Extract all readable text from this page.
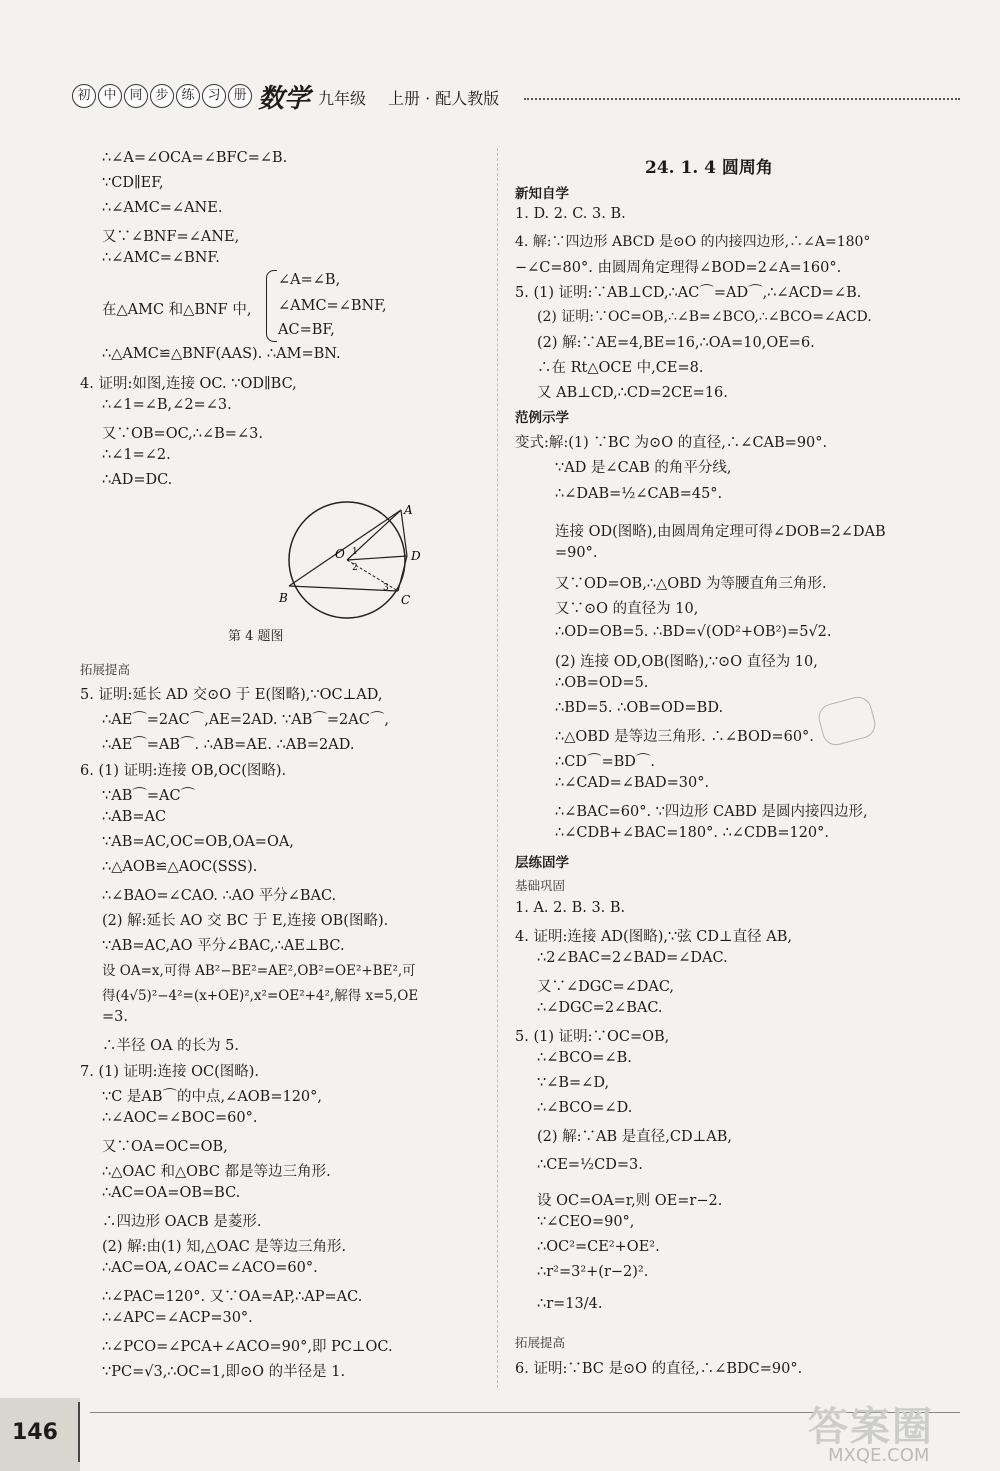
初 中 同 步 练 习 册 数学 九年级 上册 · 配人教版
∴∠A=∠OCA=∠BFC=∠B.
∵CD∥EF,
∴∠AMC=∠ANE.
又∵∠BNF=∠ANE,
∴∠AMC=∠BNF.
∠A=∠B,
在△AMC 和△BNF 中, ∠AMC=∠BNF,
AC=BF,
∴△AMC≌△BNF(AAS). ∴AM=BN.
4. 证明:如图,连接 OC. ∵OD∥BC,
∴∠1=∠B,∠2=∠3.
又∵OB=OC,∴∠B=∠3.
∴∠1=∠2.
∴AD=DC.
A
O 1
2
D
3
B	C
第 4 题图
拓展提高
5. 证明:延长 AD 交⊙O 于 E(图略),∵OC⊥AD,
∴AE⌒=2AC⌒,AE=2AD. ∵AB⌒=2AC⌒,
∴AE⌒=AB⌒. ∴AB=AE. ∴AB=2AD.
6. (1) 证明:连接 OB,OC(图略).
∵AB⌒=AC⌒
∴AB=AC
∵AB=AC,OC=OB,OA=OA,
∴△AOB≌△AOC(SSS).
∴∠BAO=∠CAO. ∴AO 平分∠BAC.
(2) 解:延长 AO 交 BC 于 E,连接 OB(图略).
∵AB=AC,AO 平分∠BAC,∴AE⊥BC.
设 OA=x,可得 AB²−BE²=AE²,OB²=OE²+BE²,可
得(4√5)²−4²=(x+OE)²,x²=OE²+4²,解得 x=5,OE
=3.
∴半径 OA 的长为 5.
7. (1) 证明:连接 OC(图略).
∵C 是AB⌒的中点,∠AOB=120°,
∴∠AOC=∠BOC=60°.
又∵OA=OC=OB,
∴△OAC 和△OBC 都是等边三角形.
∴AC=OA=OB=BC.
∴四边形 OACB 是菱形.
(2) 解:由(1) 知,△OAC 是等边三角形.
∴AC=OA,∠OAC=∠ACO=60°.
∴∠PAC=120°. 又∵OA=AP,∴AP=AC.
∴∠APC=∠ACP=30°.
∴∠PCO=∠PCA+∠ACO=90°,即 PC⊥OC.
∵PC=√3,∴OC=1,即⊙O 的半径是 1.
24. 1. 4 圆周角
新知自学
1. D. 2. C. 3. B.
4. 解:∵四边形 ABCD 是⊙O 的内接四边形,∴∠A=180°
−∠C=80°. 由圆周角定理得∠BOD=2∠A=160°.
5. (1) 证明:∵AB⊥CD,∴AC⌒=AD⌒,∴∠ACD=∠B.
(2) 证明:∵OC=OB,∴∠B=∠BCO,∴∠BCO=∠ACD.
(2) 解:∵AE=4,BE=16,∴OA=10,OE=6.
∴在 Rt△OCE 中,CE=8.
又 AB⊥CD,∴CD=2CE=16.
范例示学
变式:解:(1) ∵BC 为⊙O 的直径,∴∠CAB=90°.
∵AD 是∠CAB 的角平分线,
∴∠DAB=½∠CAB=45°.
连接 OD(图略),由圆周角定理可得∠DOB=2∠DAB
=90°.
又∵OD=OB,∴△OBD 为等腰直角三角形.
又∵⊙O 的直径为 10,
∴OD=OB=5. ∴BD=√(OD²+OB²)=5√2.
(2) 连接 OD,OB(图略),∵⊙O 直径为 10,
∴OB=OD=5.
∴BD=5. ∴OB=OD=BD.
∴△OBD 是等边三角形. ∴∠BOD=60°.
∴CD⌒=BD⌒.
∴∠CAD=∠BAD=30°.
∴∠BAC=60°. ∵四边形 CABD 是圆内接四边形,
∴∠CDB+∠BAC=180°. ∴∠CDB=120°.
层练固学
基础巩固
1. A. 2. B. 3. B.
4. 证明:连接 AD(图略),∵弦 CD⊥直径 AB,
∴2∠BAC=2∠BAD=∠DAC.
又∵∠DGC=∠DAC,
∴∠DGC=2∠BAC.
5. (1) 证明:∵OC=OB,
∴∠BCO=∠B.
∵∠B=∠D,
∴∠BCO=∠D.
(2) 解:∵AB 是直径,CD⊥AB,
∴CE=½CD=3.
设 OC=OA=r,则 OE=r−2.
∵∠CEO=90°,
∴OC²=CE²+OE².
∴r²=3²+(r−2)².
∴r=13/4.
拓展提高
6. 证明:∵BC 是⊙O 的直径,∴∠BDC=90°.
146	答案圈
MXQE.COM
